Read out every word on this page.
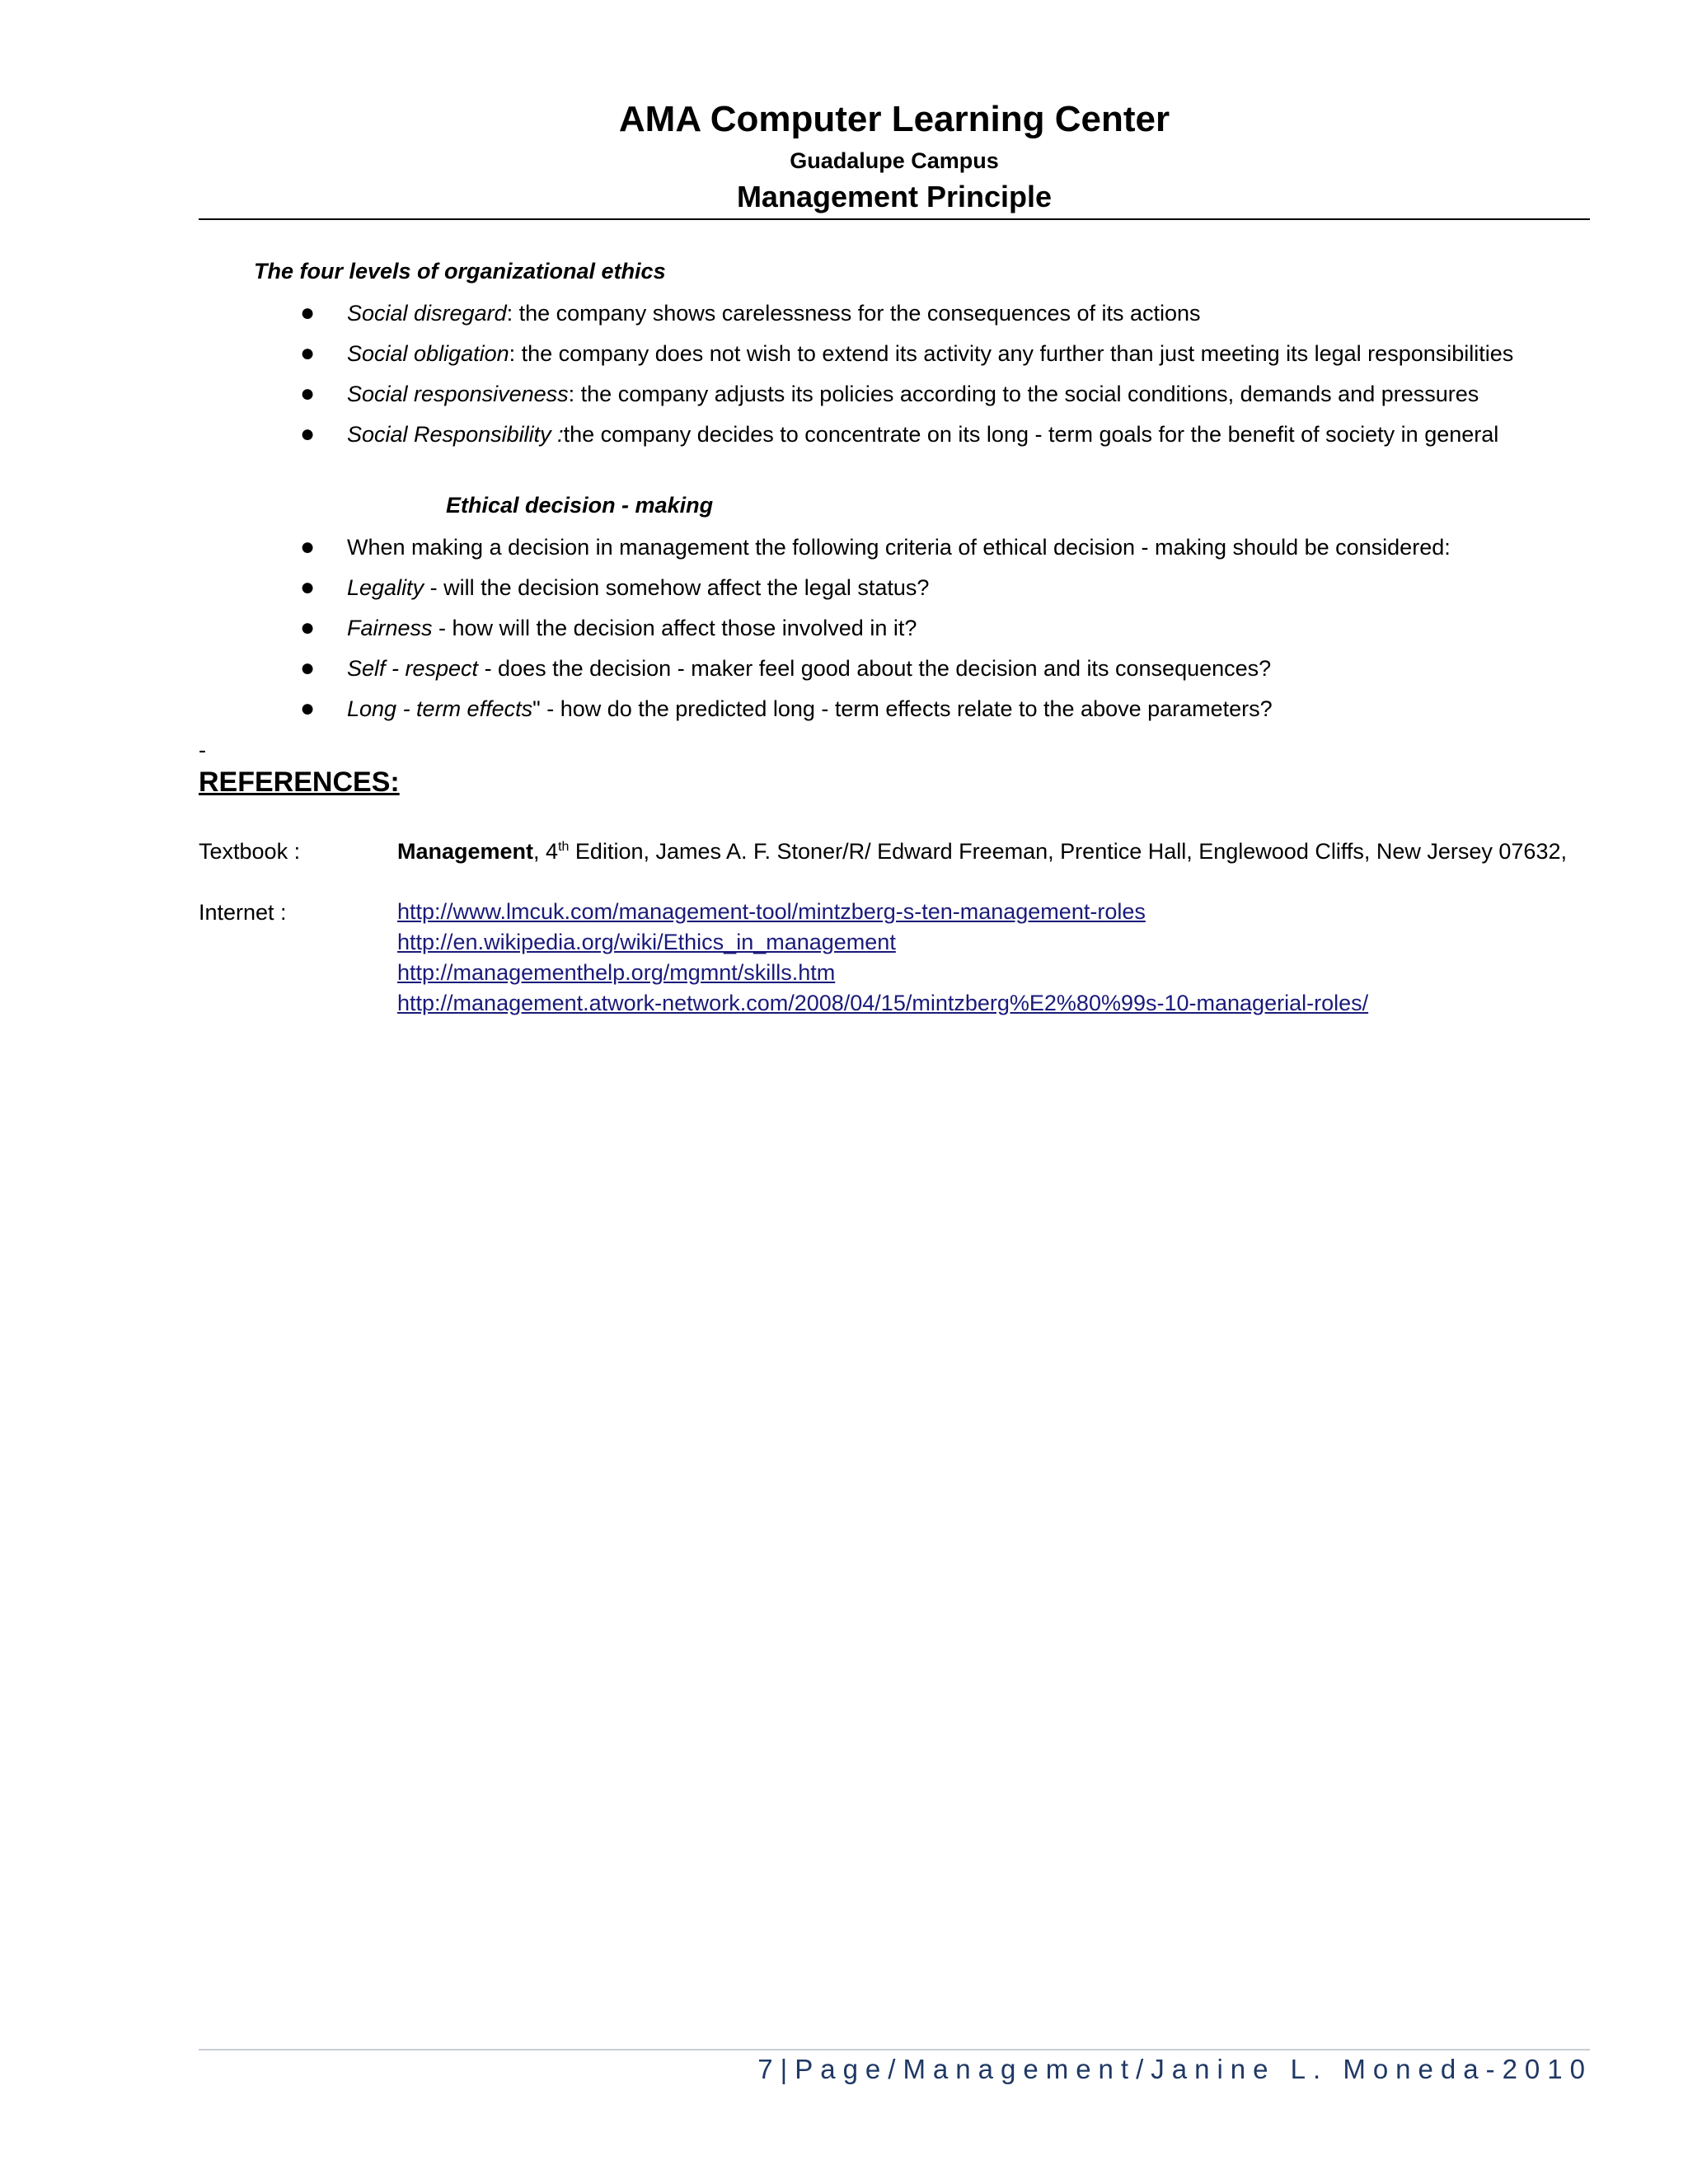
AMA Computer Learning Center
Guadalupe Campus
Management Principle
The four levels of organizational ethics
● Social disregard: the company shows carelessness for the consequences of its actions
● Social obligation: the company does not wish to extend its activity any further than just meeting its legal responsibilities
● Social responsiveness: the company adjusts its policies according to the social conditions, demands and pressures
● Social Responsibility :the company decides to concentrate on its long - term goals for the benefit of society in general
Ethical decision - making
● When making a decision in management the following criteria of ethical decision - making should be considered:
● Legality - will the decision somehow affect the legal status?
● Fairness - how will the decision affect those involved in it?
● Self - respect - does the decision - maker feel good about the decision and its consequences?
● Long - term effects" - how do the predicted long - term effects relate to the above parameters?
-
REFERENCES:
Textbook :	Management, 4th Edition, James A. F. Stoner/R/ Edward Freeman, Prentice Hall, Englewood Cliffs, New Jersey 07632,
Internet :	http://www.lmcuk.com/management-tool/mintzberg-s-ten-management-roles
http://en.wikipedia.org/wiki/Ethics_in_management
http://managementhelp.org/mgmnt/skills.htm
http://management.atwork-network.com/2008/04/15/mintzberg%E2%80%99s-10-managerial-roles/
7|Page/Management/Janine L. Moneda-2010
